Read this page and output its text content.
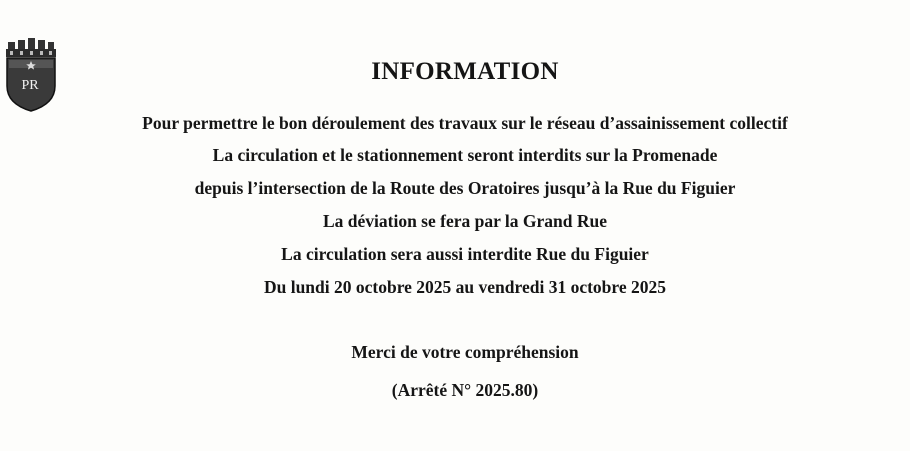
PR
INFORMATION
Pour permettre le bon déroulement des travaux sur le réseau d’assainissement collectif
La circulation et le stationnement seront interdits sur la Promenade
depuis l’intersection de la Route des Oratoires jusqu’à la Rue du Figuier
La déviation se fera par la Grand Rue
La circulation sera aussi interdite Rue du Figuier
Du lundi 20 octobre 2025 au vendredi 31 octobre 2025
Merci de votre compréhension
(Arrêté N° 2025.80)
